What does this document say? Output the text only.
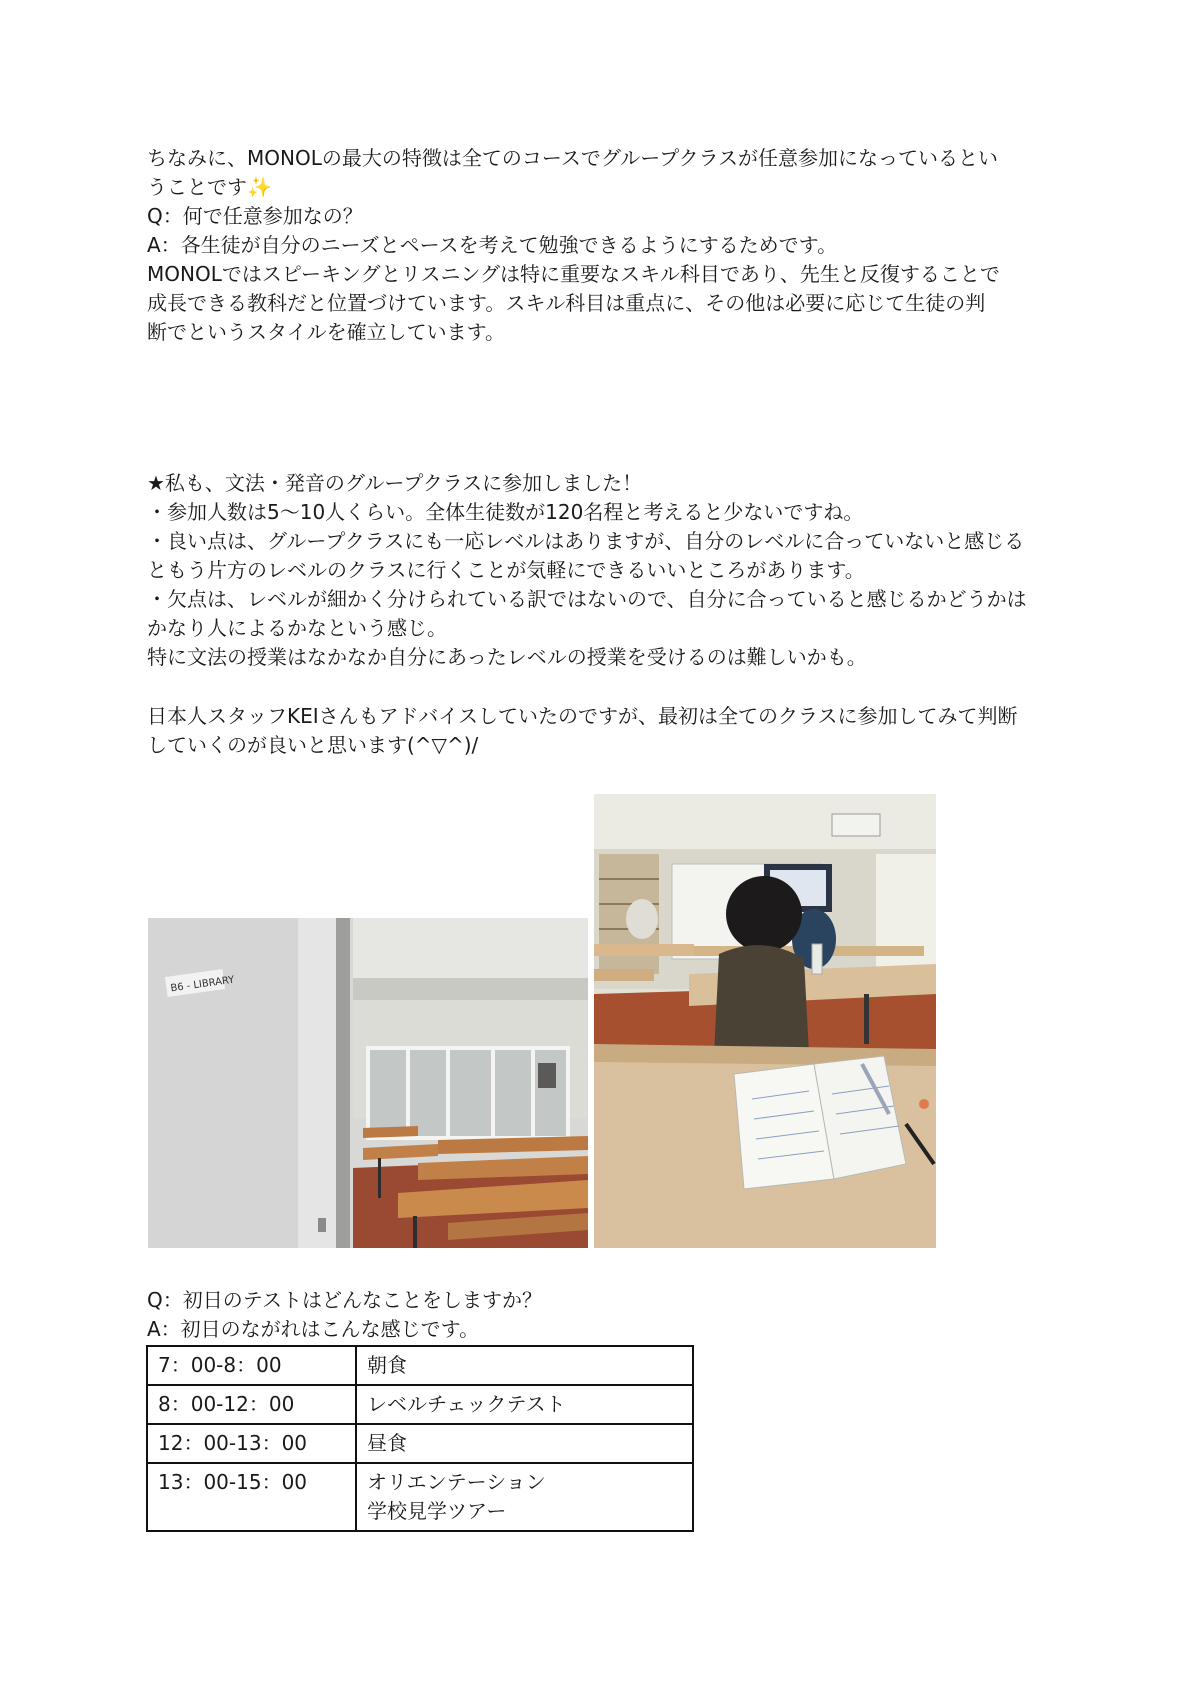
ちなみに、MONOLの最大の特徴は全てのコースでグループクラスが任意参加になっているとい
うことです✨
Q：何で任意参加なの？
A：各生徒が自分のニーズとペースを考えて勉強できるようにするためです。
MONOLではスピーキングとリスニングは特に重要なスキル科目であり、先生と反復することで
成長できる教科だと位置づけています。スキル科目は重点に、その他は必要に応じて生徒の判
断でというスタイルを確立しています。
★私も、文法・発音のグループクラスに参加しました！
・参加人数は5〜10人くらい。全体生徒数が120名程と考えると少ないですね。
・良い点は、グループクラスにも一応レベルはありますが、自分のレベルに合っていないと感じる
ともう片方のレベルのクラスに行くことが気軽にできるいいところがあります。
・欠点は、レベルが細かく分けられている訳ではないので、自分に合っていると感じるかどうかは
かなり人によるかなという感じ。
特に文法の授業はなかなか自分にあったレベルの授業を受けるのは難しいかも。
日本人スタッフKEIさんもアドバイスしていたのですが、最初は全てのクラスに参加してみて判断
していくのが良いと思います(^▽^)/
B6 - LIBRARY
Q：初日のテストはどんなことをしますか？
A：初日のながれはこんな感じです。
7：00-8：00	朝食
8：00-12：00	レベルチェックテスト
12：00-13：00	昼食
13：00-15：00	オリエンテーション
学校見学ツアー
